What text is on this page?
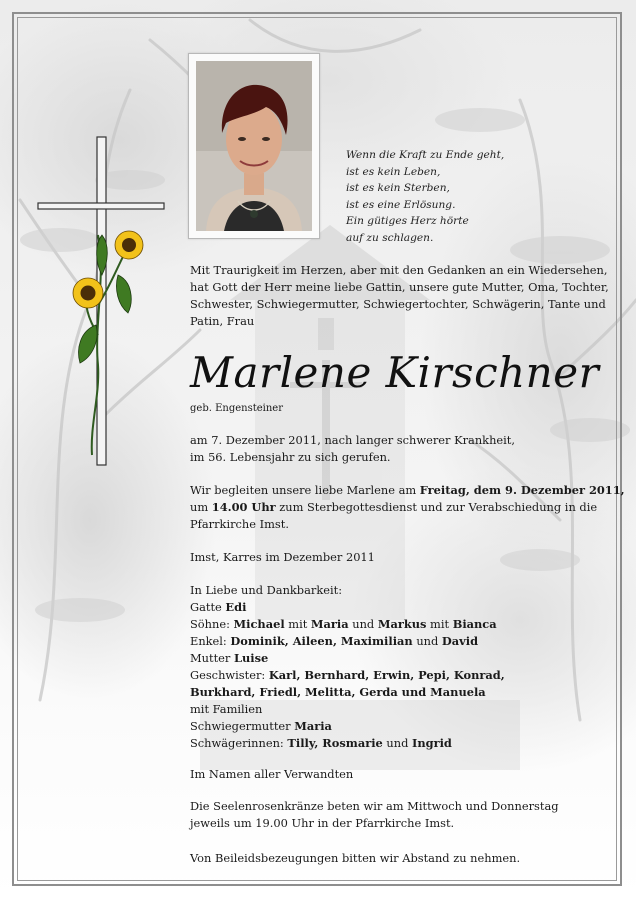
Wenn die Kraft zu Ende geht,
ist es kein Leben,
ist es kein Sterben,
ist es eine Erlösung.
Ein gütiges Herz hörte
auf zu schlagen.
Mit Traurigkeit im Herzen, aber mit den Gedanken an ein Wiedersehen,
hat Gott der Herr meine liebe Gattin, unsere gute Mutter, Oma, Tochter,
Schwester, Schwiegermutter, Schwiegertochter, Schwägerin, Tante und
Patin, Frau
Marlene Kirschner
geb. Engensteiner
am 7. Dezember 2011, nach langer schwerer Krankheit,
im 56. Lebensjahr zu sich gerufen.
Wir begleiten unsere liebe Marlene am Freitag, dem 9. Dezember 2011,
um 14.00 Uhr zum Sterbegottesdienst und zur Verabschiedung in die
Pfarrkirche Imst.
Imst, Karres im Dezember 2011
In Liebe und Dankbarkeit:
Gatte Edi
Söhne: Michael mit Maria und Markus mit Bianca
Enkel: Dominik, Aileen, Maximilian und David
Mutter Luise
Geschwister: Karl, Bernhard, Erwin, Pepi, Konrad,
Burkhard, Friedl, Melitta, Gerda und Manuela
mit Familien
Schwiegermutter Maria
Schwägerinnen: Tilly, Rosmarie und Ingrid
Im Namen aller Verwandten
Die Seelenrosenkränze beten wir am Mittwoch und Donnerstag
jeweils um 19.00 Uhr in der Pfarrkirche Imst.
Von Beileidsbezeugungen bitten wir Abstand zu nehmen.
